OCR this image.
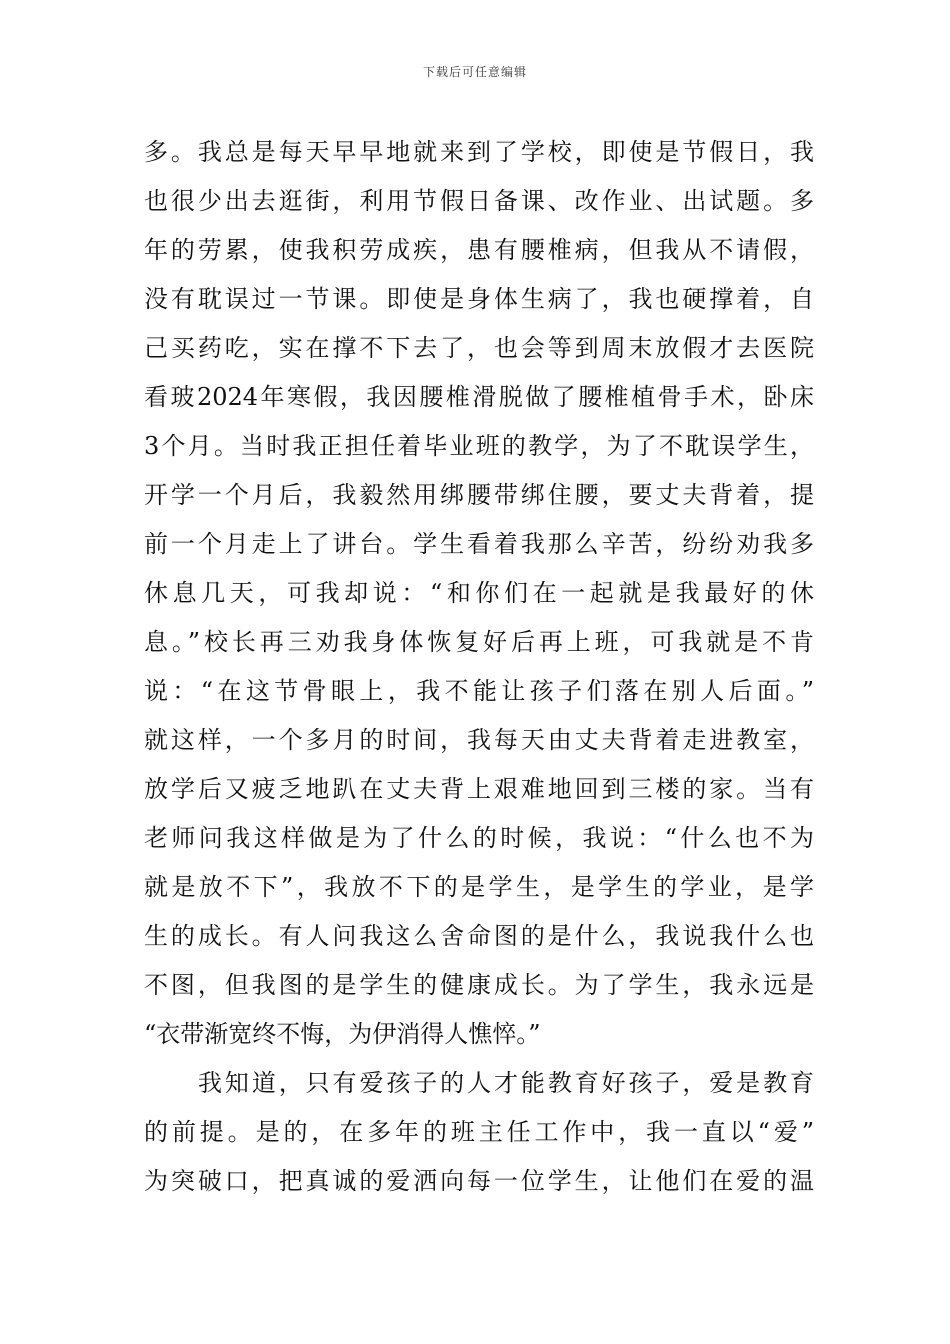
下载后可任意编辑
多。我总是每天早早地就来到了学校，即使是节假日，我
也很少出去逛街，利用节假日备课、改作业、出试题。多
年的劳累，使我积劳成疾，患有腰椎病，但我从不请假，
没有耽误过一节课。即使是身体生病了，我也硬撑着，自
己买药吃，实在撑不下去了，也会等到周末放假才去医院
看玻2024年寒假，我因腰椎滑脱做了腰椎植骨手术，卧床
3个月。当时我正担任着毕业班的教学，为了不耽误学生，
开学一个月后，我毅然用绑腰带绑住腰，要丈夫背着，提
前一个月走上了讲台。学生看着我那么辛苦，纷纷劝我多
休息几天，可我却说：“和你们在一起就是我最好的休
息。”校长再三劝我身体恢复好后再上班，可我就是不肯
说：“在这节骨眼上，我不能让孩子们落在别人后面。”
就这样，一个多月的时间，我每天由丈夫背着走进教室，
放学后又疲乏地趴在丈夫背上艰难地回到三楼的家。当有
老师问我这样做是为了什么的时候，我说：“什么也不为
就是放不下”，我放不下的是学生，是学生的学业，是学
生的成长。有人问我这么舍命图的是什么，我说我什么也
不图，但我图的是学生的健康成长。为了学生，我永远是
“衣带渐宽终不悔，为伊消得人憔悴。”
我知道，只有爱孩子的人才能教育好孩子，爱是教育
的前提。是的，在多年的班主任工作中，我一直以“爱”
为突破口，把真诚的爱洒向每一位学生，让他们在爱的温
